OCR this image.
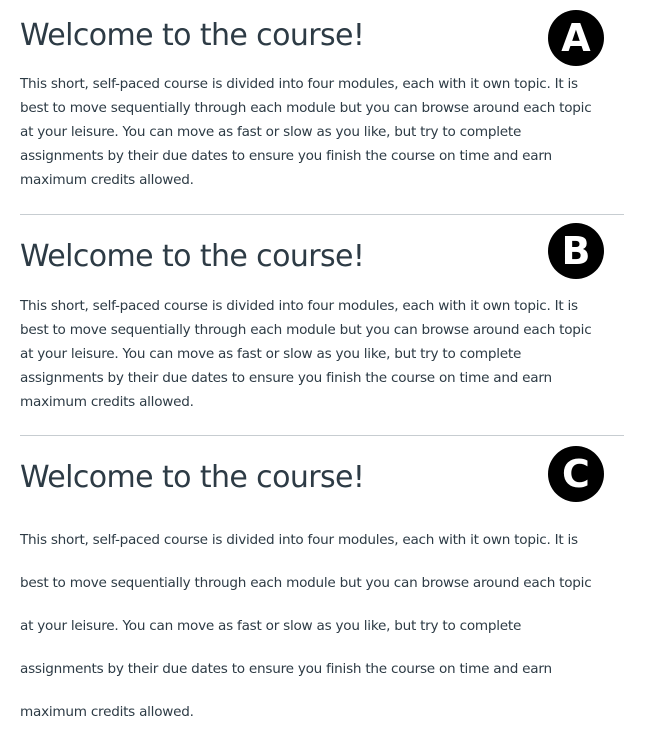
Welcome to the course!	A

This short, self-paced course is divided into four modules, each with it own topic. It is
best to move sequentially through each module but you can browse around each topic
at your leisure. You can move as fast or slow as you like, but try to complete
assignments by their due dates to ensure you finish the course on time and earn
maximum credits allowed.

Welcome to the course!	B

This short, self-paced course is divided into four modules, each with it own topic. It is
best to move sequentially through each module but you can browse around each topic
at your leisure. You can move as fast or slow as you like, but try to complete
assignments by their due dates to ensure you finish the course on time and earn
maximum credits allowed.

Welcome to the course!	C

This short, self-paced course is divided into four modules, each with it own topic. It is
best to move sequentially through each module but you can browse around each topic
at your leisure. You can move as fast or slow as you like, but try to complete
assignments by their due dates to ensure you finish the course on time and earn
maximum credits allowed.
